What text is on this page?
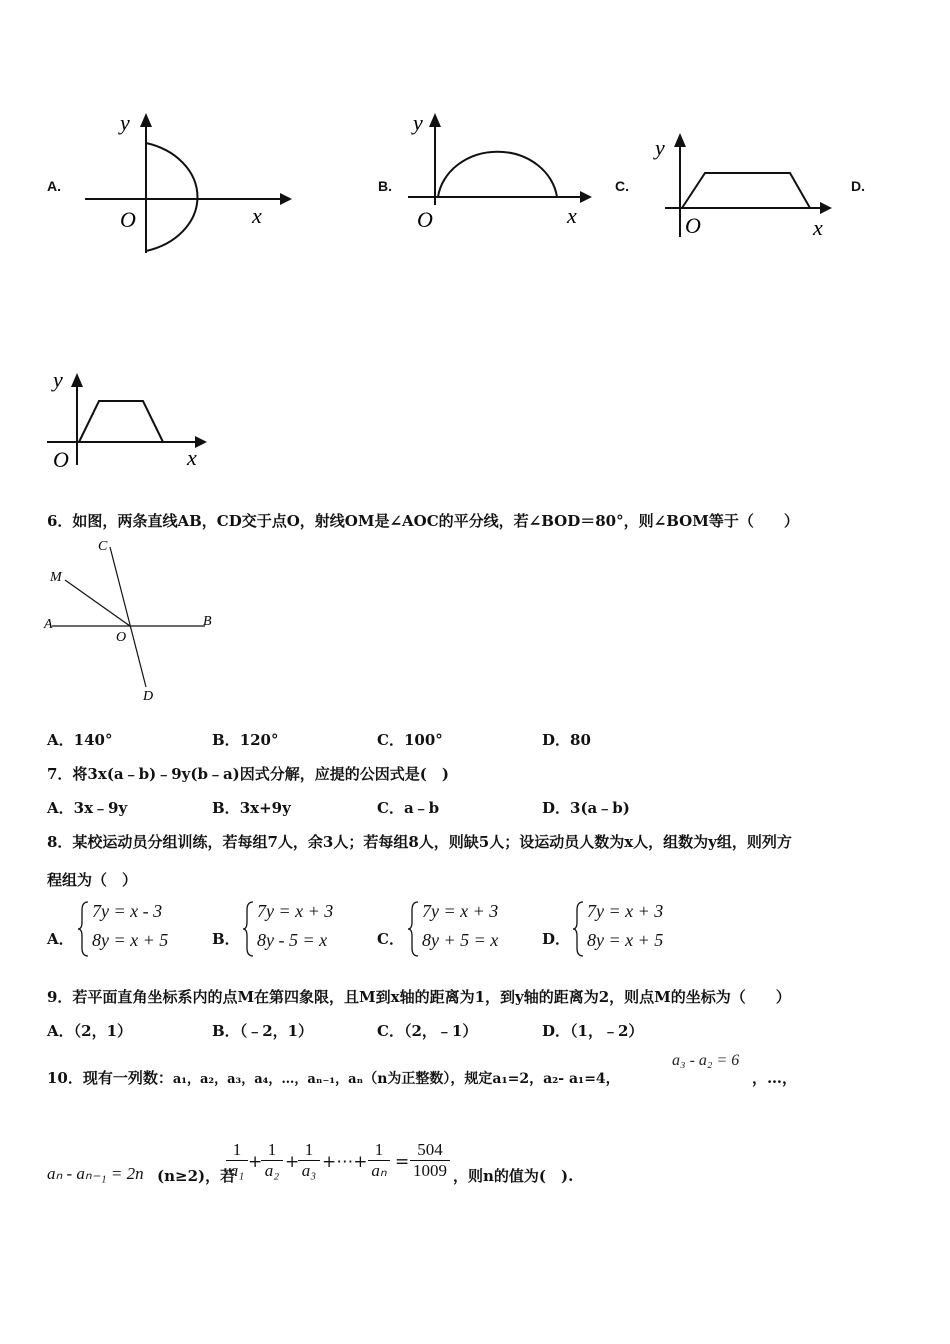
A.	B.	C.	D.
y
O	x
y
O	x
y
O	x
y
O	x
6．如图，两条直线AB，CD交于点O，射线OM是∠AOC的平分线，若∠BOD＝80°，则∠BOM等于（　　）
C
M
A
O
B
D
A．140°	B．120°	C．100°	D．80
7．将3x(a﹣b)﹣9y(b﹣a)因式分解，应提的公因式是(　)
A．3x﹣9y	B．3x+9y	C．a﹣b	D．3(a﹣b)
8．某校运动员分组训练，若每组7人，余3人；若每组8人，则缺5人；设运动员人数为x人，组数为y组，则列方
程组为（　）
A．
7y = x - 3
8y = x + 5	B．
7y = x + 3
8y - 5 = x	C．
7y = x + 3
8y + 5 = x	D．
7y = x + 3
8y = x + 5
9．若平面直角坐标系内的点M在第四象限，且M到x轴的距离为1，到y轴的距离为2，则点M的坐标为（　　）
A．（2，1）	B．（﹣2，1）	C．（2，﹣1）	D．（1，﹣2）
10．现有一列数：a₁，a₂，a₃，a₄，…，aₙ₋₁，aₙ（n为正整数），规定a₁=2，a₂- a₁=4，
a₃ - a₂ = 6
，…，
aₙ - aₙ₋₁ = 2n (n≥2)，若
$\frac{1}{\text{a₁}}$ +
$\frac{1}{\text{a₂}}$ +
$\frac{1}{\text{a₃}}$ +⋯+ $\frac{1}{\text{aₙ}} = \frac{504}{1009}$ ，则n的值为(　).
